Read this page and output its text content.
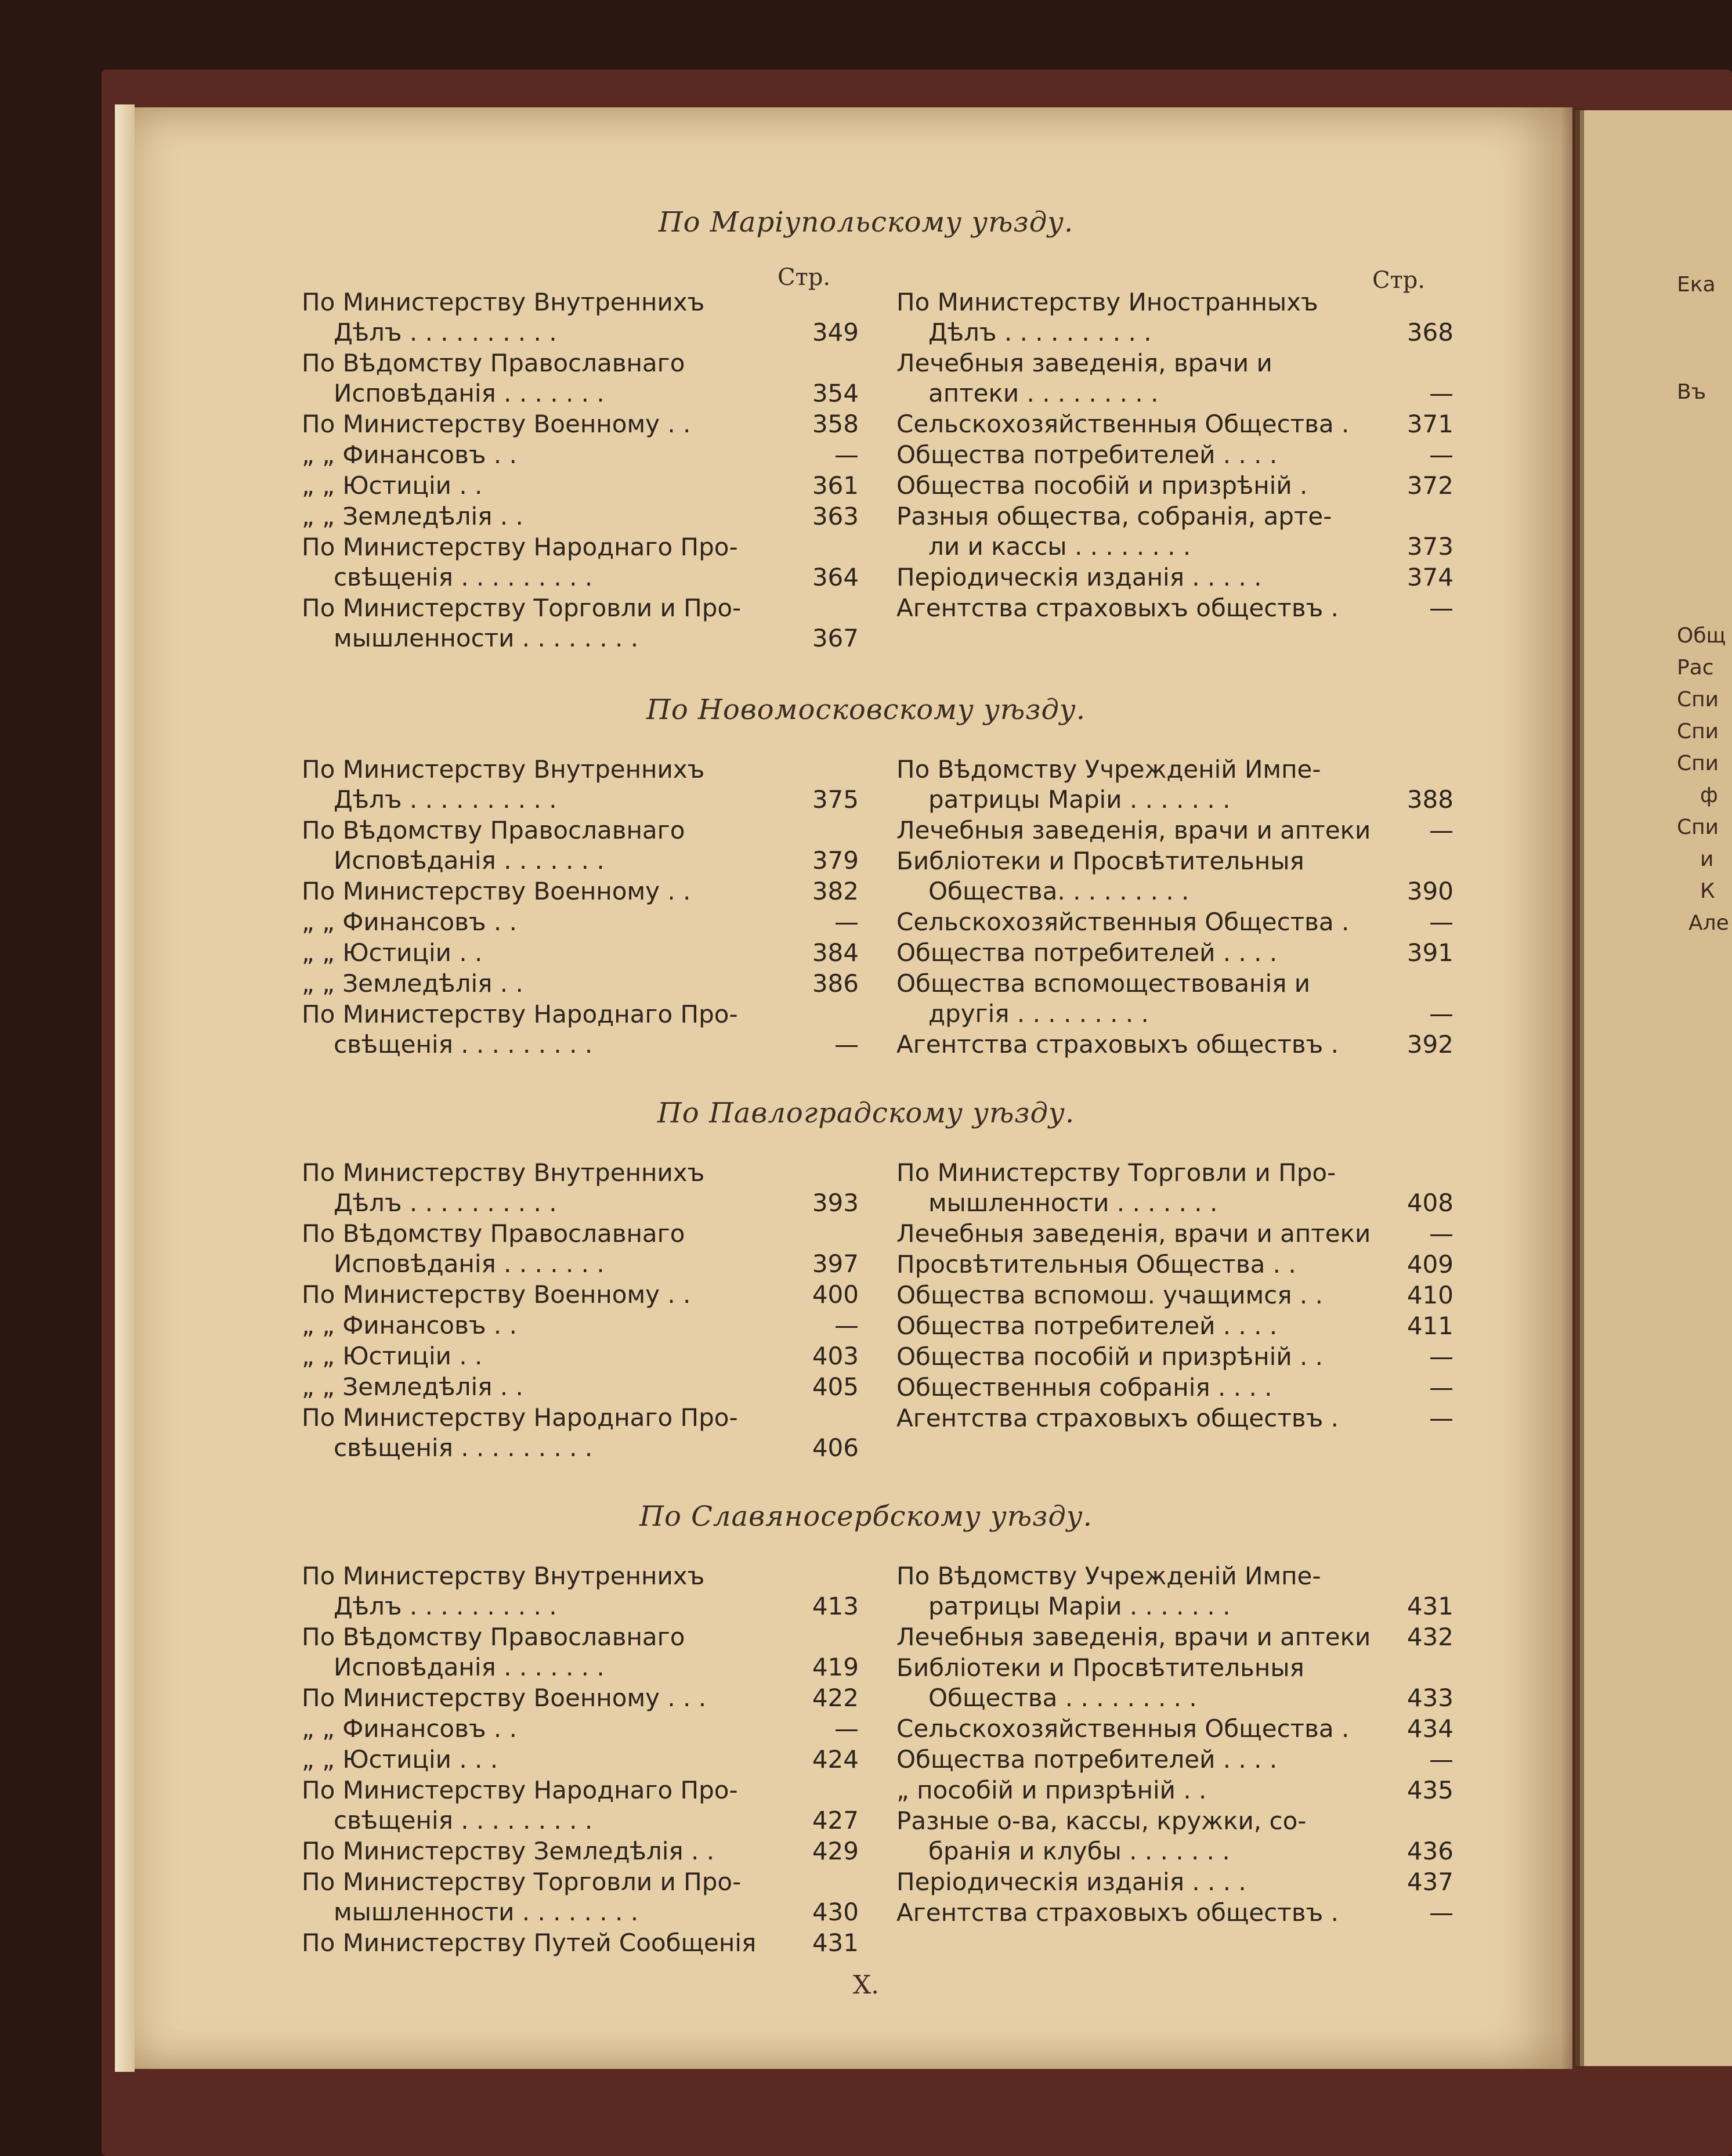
Ека
Въ
Общ
Рас
Спи
Спи
Спи
ф
Спи
и
К
Але
Стр.	Стр.
По Маріупольскому уѣзду.
По Министерству Внутреннихъ
Дѣлъ . . . . . . . . . .	349
По Вѣдомству Православнаго
Исповѣданія . . . . . . .	354
По Министерству Военному . .	358
„ „ Финансовъ . .	—
„ „ Юстиціи . .	361
„ „ Земледѣлія . .	363
По Министерству Народнаго Про-
свѣщенія . . . . . . . . .	364
По Министерству Торговли и Про-
мышленности . . . . . . . .	367
По Министерству Иностранныхъ
Дѣлъ . . . . . . . . . .	368
Лечебныя заведенія, врачи и
аптеки . . . . . . . . .	—
Сельскохозяйственныя Общества .	371
Общества потребителей . . . .	—
Общества пособій и призрѣній .	372
Разныя общества, собранія, арте-
ли и кассы . . . . . . . .	373
Періодическія изданія . . . . .	374
Агентства страховыхъ обществъ .	—
По Новомосковскому уѣзду.
По Министерству Внутреннихъ
Дѣлъ . . . . . . . . . .	375
По Вѣдомству Православнаго
Исповѣданія . . . . . . .	379
По Министерству Военному . .	382
„ „ Финансовъ . .	—
„ „ Юстиціи . .	384
„ „ Земледѣлія . .	386
По Министерству Народнаго Про-
свѣщенія . . . . . . . . .	—
По Вѣдомству Учрежденій Импе-
ратрицы Маріи . . . . . . .	388
Лечебныя заведенія, врачи и аптеки	—
Библіотеки и Просвѣтительныя
Общества. . . . . . . . .	390
Сельскохозяйственныя Общества .	—
Общества потребителей . . . .	391
Общества вспомоществованія и
другія . . . . . . . . .	—
Агентства страховыхъ обществъ .	392
По Павлоградскому уѣзду.
По Министерству Внутреннихъ
Дѣлъ . . . . . . . . . .	393
По Вѣдомству Православнаго
Исповѣданія . . . . . . .	397
По Министерству Военному . .	400
„ „ Финансовъ . .	—
„ „ Юстиціи . .	403
„ „ Земледѣлія . .	405
По Министерству Народнаго Про-
свѣщенія . . . . . . . . .	406
По Министерству Торговли и Про-
мышленности . . . . . . .	408
Лечебныя заведенія, врачи и аптеки	—
Просвѣтительныя Общества . .	409
Общества вспомош. учащимся . .	410
Общества потребителей . . . .	411
Общества пособій и призрѣній . .	—
Общественныя собранія . . . .	—
Агентства страховыхъ обществъ .	—
По Славяносербскому уѣзду.
По Министерству Внутреннихъ
Дѣлъ . . . . . . . . . .	413
По Вѣдомству Православнаго
Исповѣданія . . . . . . .	419
По Министерству Военному . . .	422
„ „ Финансовъ . .	—
„ „ Юстиціи . . .	424
По Министерству Народнаго Про-
свѣщенія . . . . . . . . .	427
По Министерству Земледѣлія . .	429
По Министерству Торговли и Про-
мышленности . . . . . . . .	430
По Министерству Путей Сообщенія	431
По Вѣдомству Учрежденій Импе-
ратрицы Маріи . . . . . . .	431
Лечебныя заведенія, врачи и аптеки	432
Библіотеки и Просвѣтительныя
Общества . . . . . . . . .	433
Сельскохозяйственныя Общества .	434
Общества потребителей . . . .	—
„ пособій и призрѣній . .	435
Разные о-ва, кассы, кружки, со-
бранія и клубы . . . . . . .	436
Періодическія изданія . . . .	437
Агентства страховыхъ обществъ .	—
X.
